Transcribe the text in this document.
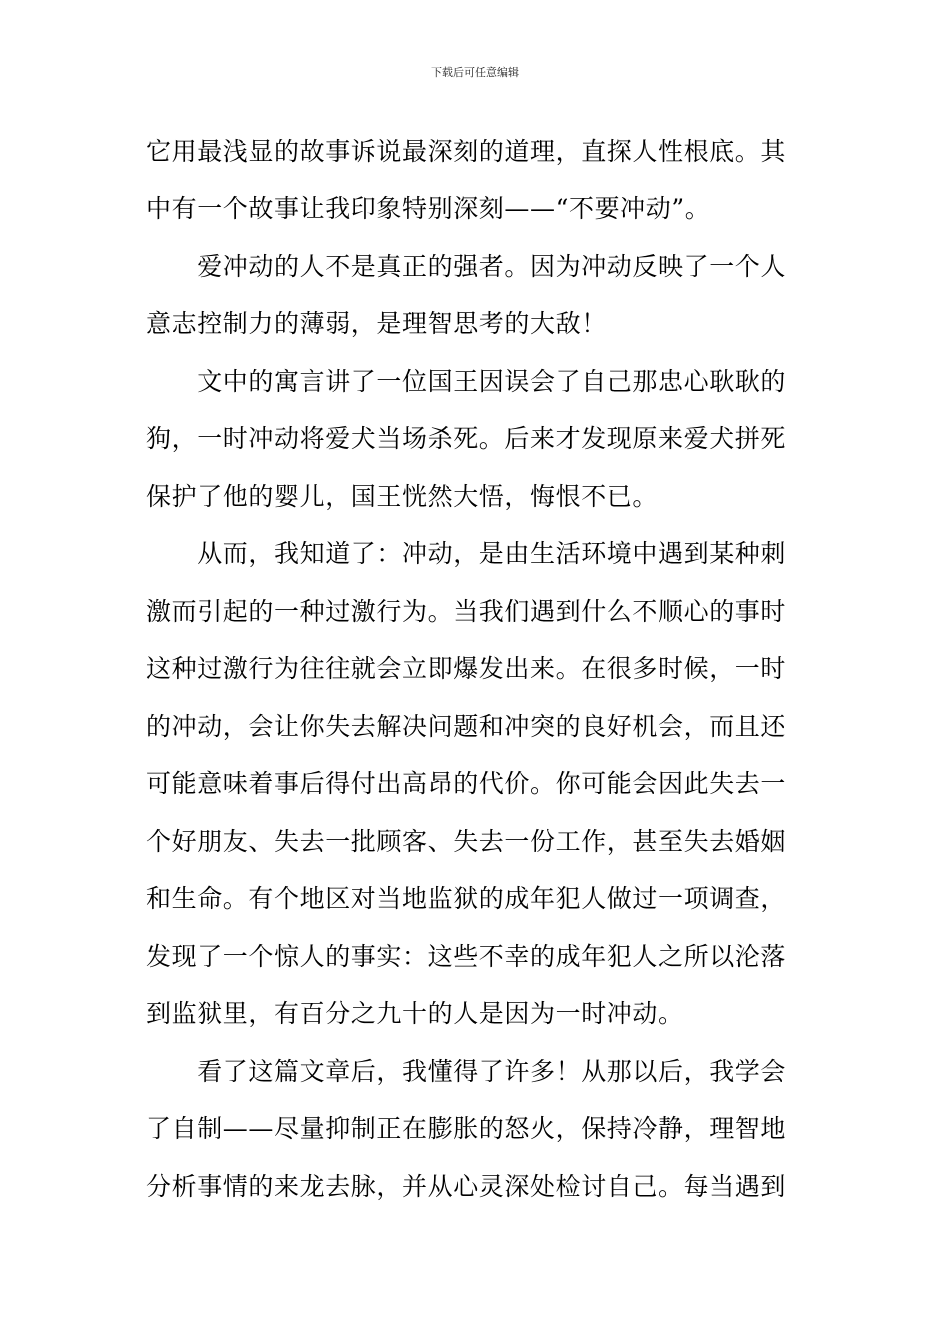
下载后可任意编辑
它用最浅显的故事诉说最深刻的道理，直探人性根底。其
中有一个故事让我印象特别深刻——“不要冲动”。
　　爱冲动的人不是真正的强者。因为冲动反映了一个人
意志控制力的薄弱，是理智思考的大敌！
　　文中的寓言讲了一位国王因误会了自己那忠心耿耿的
狗，一时冲动将爱犬当场杀死。后来才发现原来爱犬拼死
保护了他的婴儿，国王恍然大悟，悔恨不已。
　　从而，我知道了：冲动，是由生活环境中遇到某种刺
激而引起的一种过激行为。当我们遇到什么不顺心的事时
这种过激行为往往就会立即爆发出来。在很多时候，一时
的冲动，会让你失去解决问题和冲突的良好机会，而且还
可能意味着事后得付出高昂的代价。你可能会因此失去一
个好朋友、失去一批顾客、失去一份工作，甚至失去婚姻
和生命。有个地区对当地监狱的成年犯人做过一项调查，
发现了一个惊人的事实：这些不幸的成年犯人之所以沦落
到监狱里，有百分之九十的人是因为一时冲动。
　　看了这篇文章后，我懂得了许多！从那以后，我学会
了自制——尽量抑制正在膨胀的怒火，保持冷静，理智地
分析事情的来龙去脉，并从心灵深处检讨自己。每当遇到
